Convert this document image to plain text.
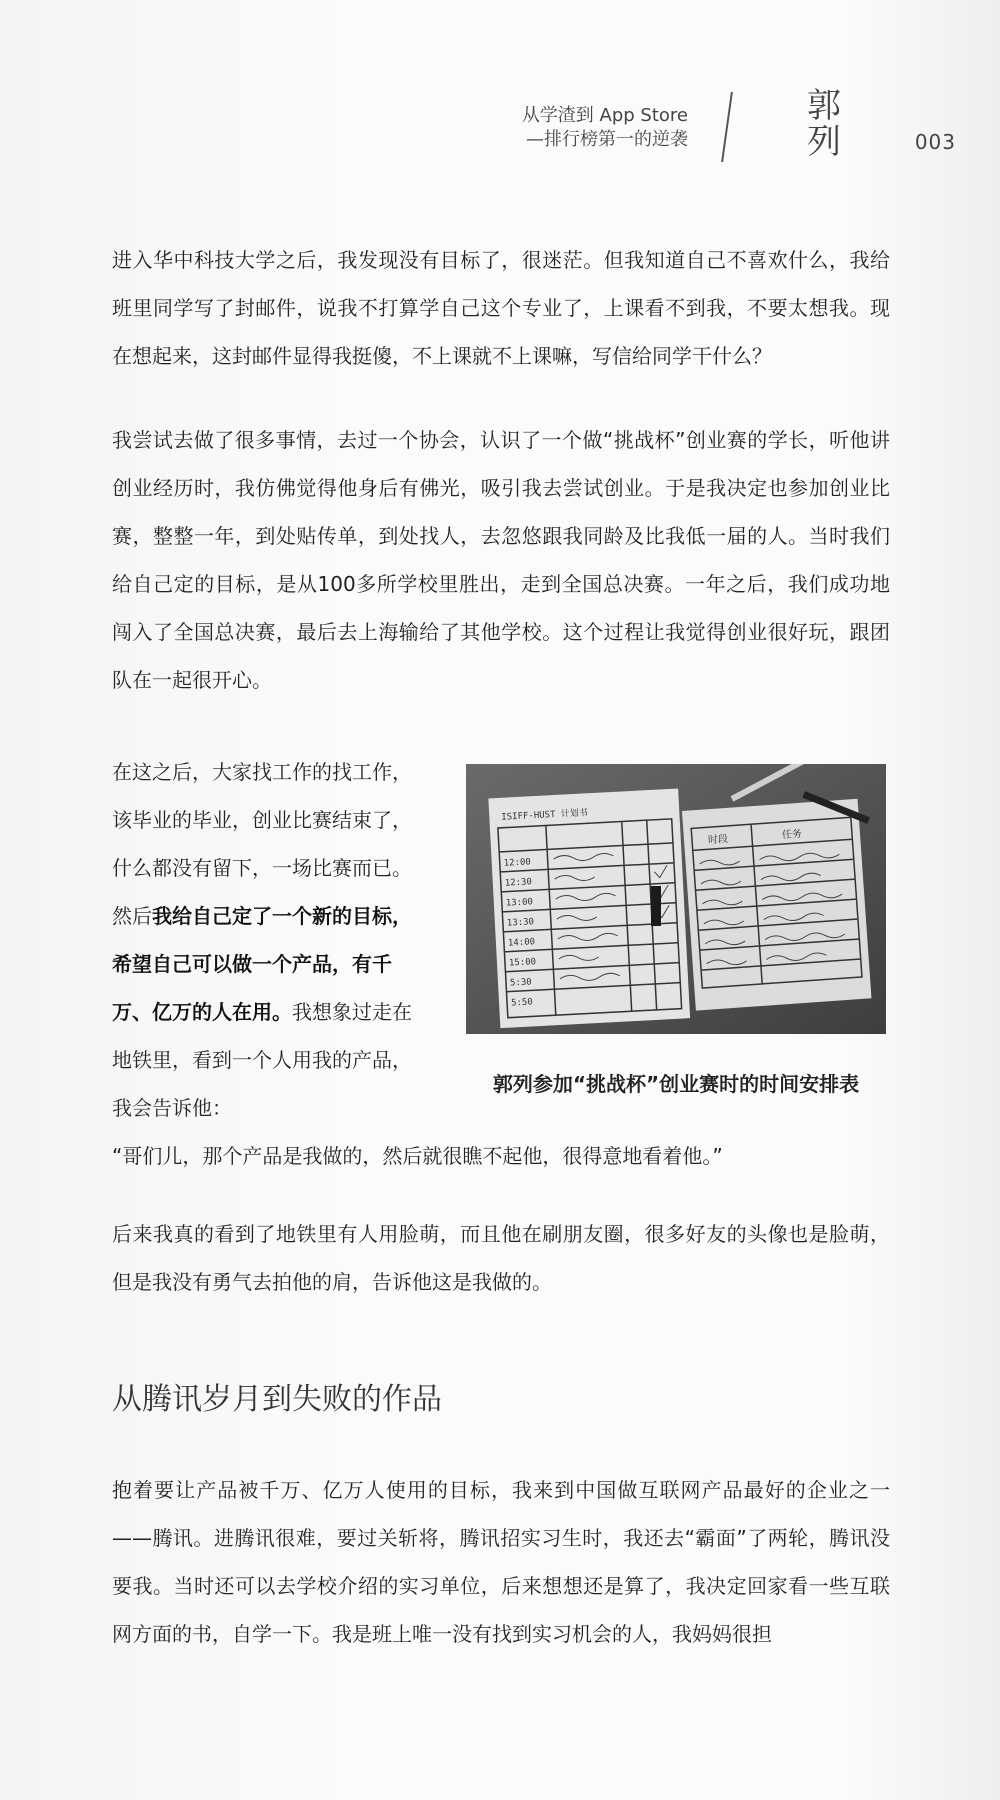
从学渣到 App Store
—排行榜第一的逆袭
郭列	003
进入华中科技大学之后，我发现没有目标了，很迷茫。但我知道自己不喜欢什么，我给班里同学写了封邮件，说我不打算学自己这个专业了，上课看不到我，不要太想我。现在想起来，这封邮件显得我挺傻，不上课就不上课嘛，写信给同学干什么？
我尝试去做了很多事情，去过一个协会，认识了一个做“挑战杯”创业赛的学长，听他讲创业经历时，我仿佛觉得他身后有佛光，吸引我去尝试创业。于是我决定也参加创业比赛，整整一年，到处贴传单，到处找人，去忽悠跟我同龄及比我低一届的人。当时我们给自己定的目标，是从100多所学校里胜出，走到全国总决赛。一年之后，我们成功地闯入了全国总决赛，最后去上海输给了其他学校。这个过程让我觉得创业很好玩，跟团队在一起很开心。
在这之后，大家找工作的找工作，该毕业的毕业，创业比赛结束了，什么都没有留下，一场比赛而已。然后我给自己定了一个新的目标，希望自己可以做一个产品，有千万、亿万的人在用。我想象过走在地铁里，看到一个人用我的产品，我会告诉他：
ISIFF-HUST 计划书
12:00
12:30
13:00
13:30
14:00
15:00
5:30
5:50
时段	任务
郭列参加“挑战杯”创业赛时的时间安排表
“哥们儿，那个产品是我做的，然后就很瞧不起他，很得意地看着他。”
后来我真的看到了地铁里有人用脸萌，而且他在刷朋友圈，很多好友的头像也是脸萌，但是我没有勇气去拍他的肩，告诉他这是我做的。
从腾讯岁月到失败的作品
抱着要让产品被千万、亿万人使用的目标，我来到中国做互联网产品最好的企业之一——腾讯。进腾讯很难，要过关斩将，腾讯招实习生时，我还去“霸面”了两轮，腾讯没要我。当时还可以去学校介绍的实习单位，后来想想还是算了，我决定回家看一些互联网方面的书，自学一下。我是班上唯一没有找到实习机会的人，我妈妈很担
